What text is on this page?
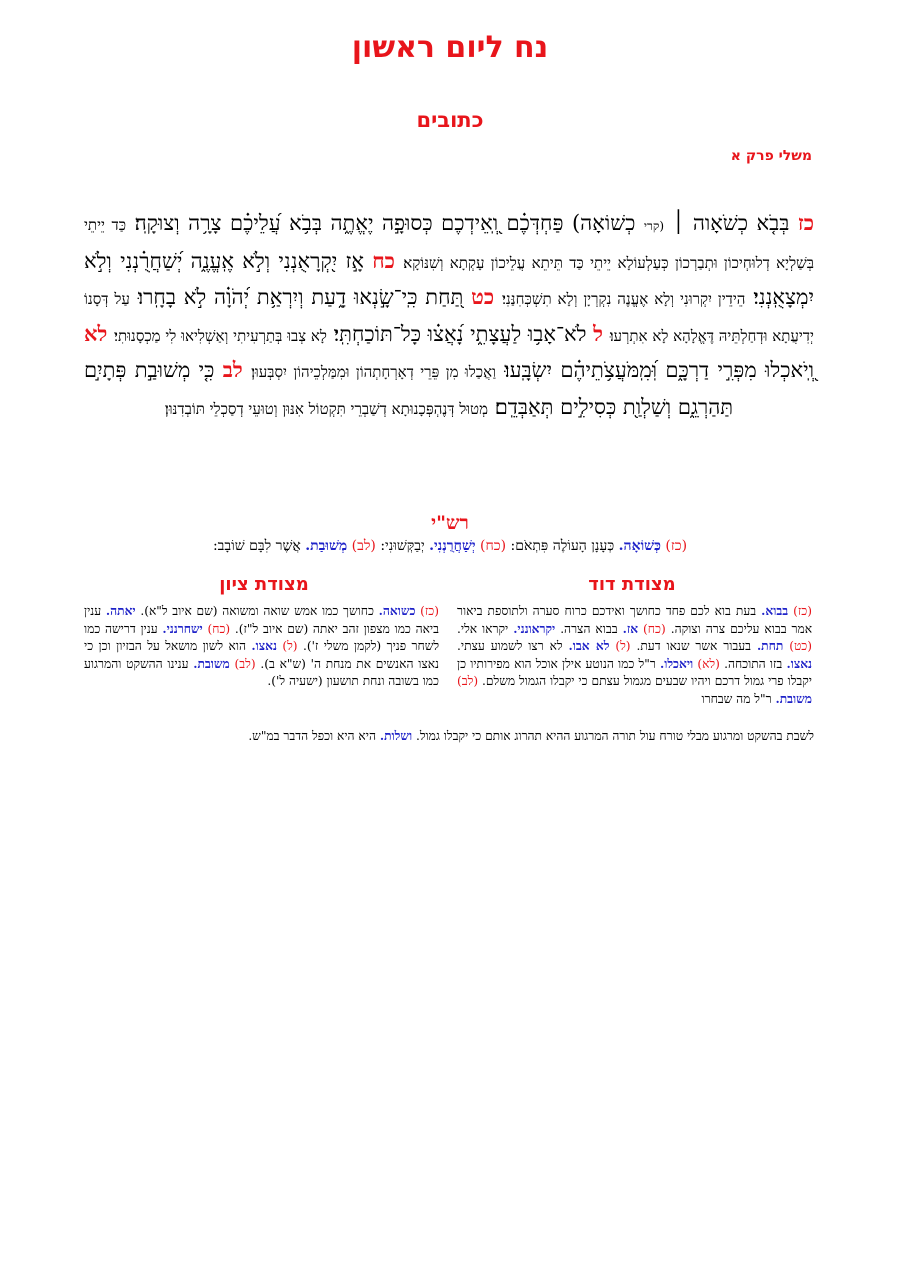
נח ליום ראשון
כתובים
משלי פרק א
כז בְּבֹ֤א כְשֹׁאָוה ׀ (קרי כְשׁוֹאָה) פַּחְדְּכֶ֗ם וְֽ֭אֵידְכֶם כְּסוּפָ֣ה יֶאֱתֶ֑ה בְּבֹ֥א עֲ֝לֵיכֶ֗ם צָרָ֥ה וְצוּקָֽה׃ כַּד יֵיתֵי בְּשַׁלְיָא דְלוּחְיכוֹן וּתְבַרְכוֹן כְּעַלְעוֹלָא יֵיתֵי כַּד תֵּיתֵא עֲלֵיכוֹן עָקְתָא וְשִׁנּוֹקָא׃ כח אָ֣ז יִ֭קְרָאֻנְנִי וְלֹ֣א אֶֽעֱנֶ֑ה יְ֝שַׁחֲרֻ֗נְנִי וְלֹ֣א יִמְצָאֻֽנְנִי׃ הֵידֵין יִקְרוּנִי וְלָא אֶעֱנֶה נִקְרְיָן וְלָא תִשְׁכְּחִנַּנִי׃ כט תַּ֭חַת כִּֽי־שָׂ֣נְאוּ דָ֑עַת וְיִרְאַ֥ת יְ֝הֹוָ֗ה לֹ֣א בָחָֽרוּ׃ עַל דְּסָנוֹ יְדִיעֲתָא וּדְחַלְתֵּיהּ דֶּאֱלָהָא לָא אִתְרְעוּ׃ ל לֹא־אָב֥וּ לַעֲצָתִ֑י נָ֝אֲצ֗וּ כָּל־תּוֹכַחְתִּֽי׃ לָא צְבוּ בְּתַרְעִיתִי וְאַשְׁלִיאוּ לִי מַכְסָנוּתִי׃ לא וְֽ֭יֹאכְלוּ מִפְּרִ֣י דַרְכָּ֑ם וּֽ֝מִֽמֹּעֲצֹ֥תֵיהֶ֗ם יִשְׂבָּֽעוּ׃ וַאֲכַלוּ מִן פֵּרֵי דְאָרְחָתְהוֹן וּמִמַּלְכֵיהוֹן יִסְבְּעוּן׃ לב כִּ֤י מְשׁוּבַ֣ת פְּתָיִ֣ם תַּהַרְגֵ֑ם וְשַׁלְוַ֖ת כְּסִילִ֣ים תְּאַבְּדֵֽם׃ מְטוּל דְּנֶהְפְּכָנוּתָא דְשַׁבְרֵי תִּקְטוֹל אִנּוּן וְטוּעֵי דְסַכְלֵי תּוֹבְדִנּוּן׃
רש"י
(כז) כְּשׁוֹאָה. כְּעָנָן הָעוֹלֶה פִּתְאֹם: (כח) יְשַׁחֲרֻנְנִי. יְבַקְּשׁוּנִי: (לב) מְשׁוּבַת. אֲשֶׁר לִבָּם שׁוֹבָב:
מצודת דוד
מצודת ציון
(כז) בבוא. בעת בוא לכם פחד כחושך ואידכם כרוח סערה ולתוספת ביאור אמר בבוא עליכם צרה וצוקה. (כח) אז. בבוא הצרה. יקראונני. יקראו אלי. (כט) תחת. בעבור אשר שנאו דעת. (ל) לא אבו. לא רצו לשמוע עצתי. נאצו. בזו התוכחה. (לא) ויאכלו. ר"ל כמו הנוטע אילן אוכל הוא מפירותיו כן יקבלו פרי גמול דרכם ויהיו שבעים מגמול עצתם כי יקבלו הגמול משלם. (לב) משובת. ר"ל מה שבחרו
(כז) כשואה. כחושך כמו אמש שואה ומשואה (שם איוב ל"א). יאתה. ענין ביאה כמו מצפון זהב יאתה (שם איוב ל"ז). (כח) ישחרנני. ענין דרישה כמו לשחר פניך (לקמן משלי ז'). (ל) נאצו. הוא לשון מושאל על הבזיון וכן כי נאצו האנשים את מנחת ה' (ש"א ב). (לב) משובת. ענינו ההשקט והמרגוע כמו בשובה ונחת תושעון (ישעיה ל').
לשבת בהשקט ומרגוע מבלי טורח עול תורה המרגוע ההיא תהרוג אותם כי יקבלו גמול. ושלות. היא היא וכפל הדבר במ"ש.
